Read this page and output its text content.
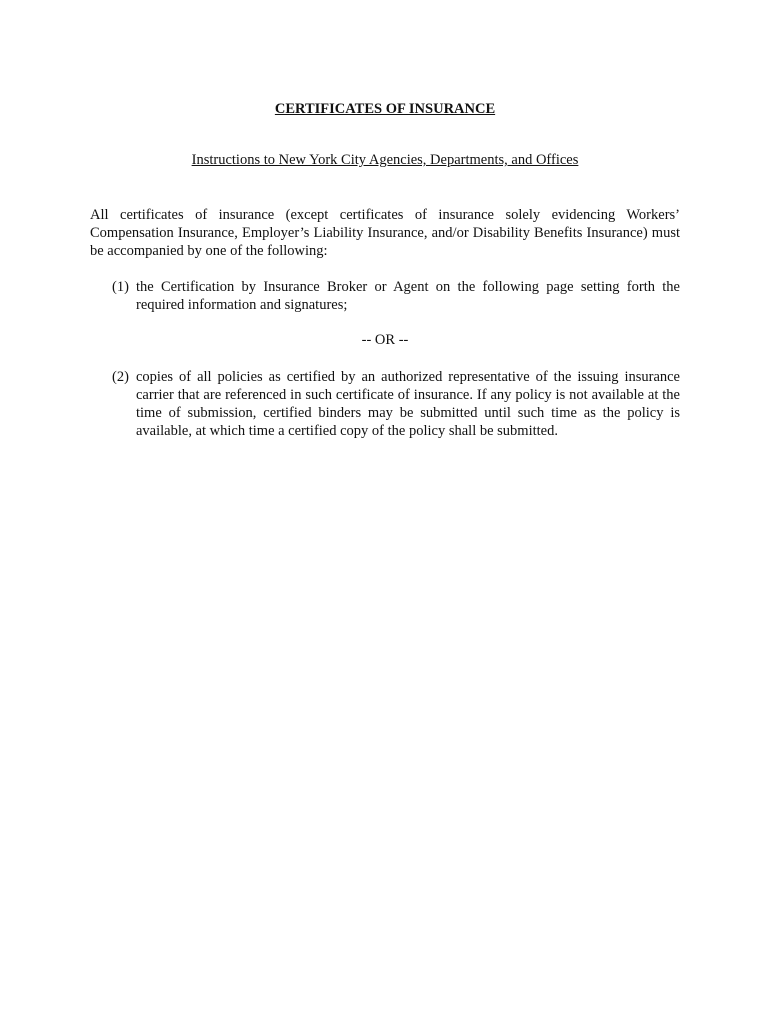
CERTIFICATES OF INSURANCE

Instructions to New York City Agencies, Departments, and Offices

All certificates of insurance (except certificates of insurance solely evidencing Workers’ Compensation Insurance, Employer’s Liability Insurance, and/or Disability Benefits Insurance) must be accompanied by one of the following:

(1) the Certification by Insurance Broker or Agent on the following page setting forth the required information and signatures;

-- OR --

(2) copies of all policies as certified by an authorized representative of the issuing insurance carrier that are referenced in such certificate of insurance. If any policy is not available at the time of submission, certified binders may be submitted until such time as the policy is available, at which time a certified copy of the policy shall be submitted.
